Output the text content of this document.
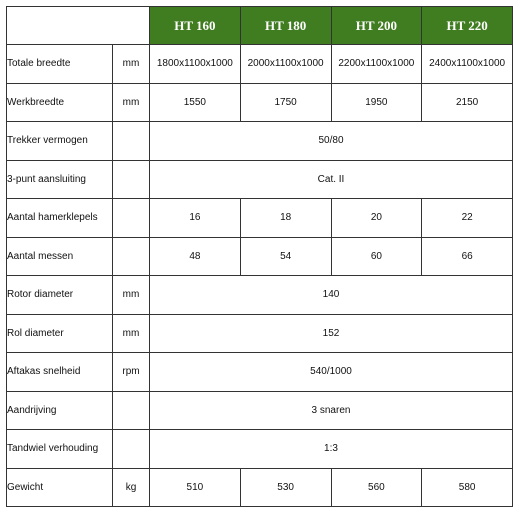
		HT 160	HT 180	HT 200	HT 220
Totale breedte	mm	1800x1100x1000	2000x1100x1000	2200x1100x1000	2400x1100x1000
Werkbreedte	mm	1550	1750	1950	2150
Trekker vermogen		50/80			
3-punt aansluiting		Cat. II			
Aantal hamerklepels		16	18	20	22
Aantal messen		48	54	60	66
Rotor diameter	mm	140			
Rol diameter	mm	152			
Aftakas snelheid	rpm	540/1000			
Aandrijving		3 snaren			
Tandwiel verhouding		1:3			
Gewicht	kg	510	530	560	580
